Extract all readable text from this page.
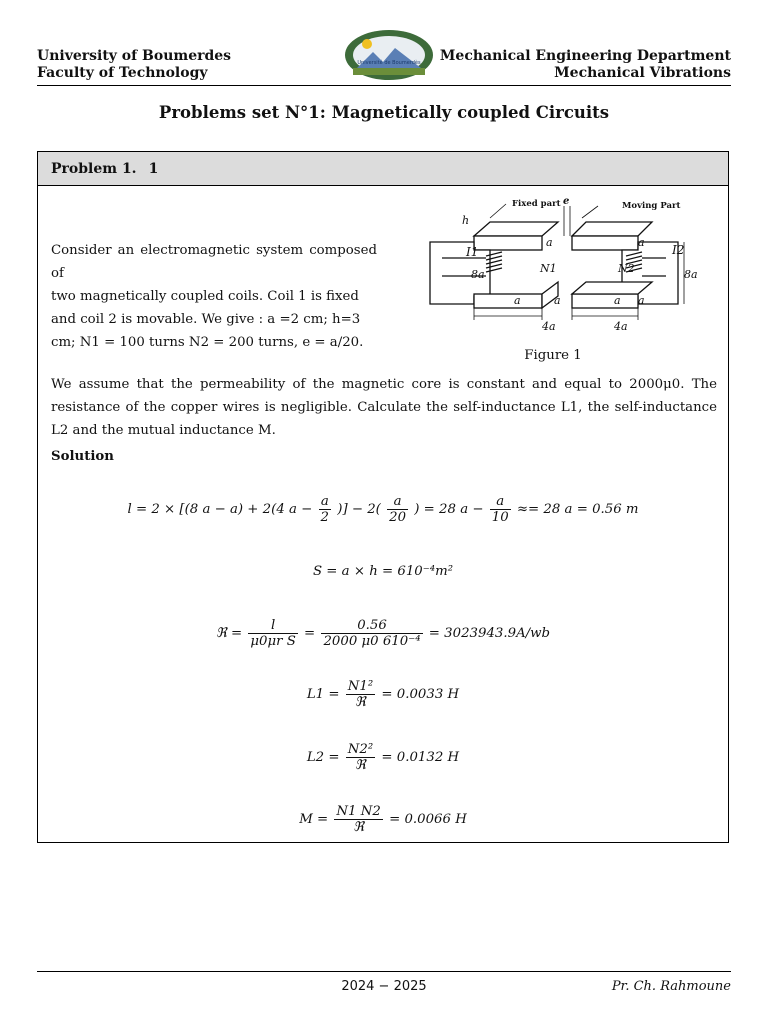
University of Boumerdes
Faculty of Technology
Université de Boumerdès Mechanical Engineering Department
Mechanical Vibrations
Problems set N°1: Magnetically coupled Circuits
Problem 1. 1
Consider an electromagnetic system composed of
two magnetically coupled coils. Coil 1 is fixed
and coil 2 is movable. We give : a =2 cm; h=3
cm; N1 = 100 turns N2 = 200 turns, e = a/20.
Fixed part	Moving Part
e
h
I1	I2
N1	N2
8a	8a
a	a
a	a	a a
4a	4a
Figure 1
We assume that the permeability of the magnetic core is constant and equal to 2000μ0. The resistance of the copper wires is negligible. Calculate the self-inductance L1, the self-inductance L2 and the mutual inductance M.
Solution
l = 2 × [(8 a − a) + 2(4 $a - \frac{a}{2}$ )] − $2( \frac{a}{20}$ ) = 28 $a - \frac{a}{10} \approx= 28$ a = 0.56 m
S = a × h = 610⁻⁴m²
ℜ = $\frac{l}{\text{μ0μr S}} = \frac{0.56}{\text{2000 μ0 610⁻⁴}} = 3023943.9A/wb$
$L1 = \frac{\text{N1²}}{\text{ℜ}} = 0.0033$ H
$L2 = \frac{\text{N2²}}{\text{ℜ}} = 0.0132$ H
$M = \frac{N1 N2}{\text{ℜ}} = 0.0066$ H
2024 − 2025	Pr. Ch. Rahmoune
